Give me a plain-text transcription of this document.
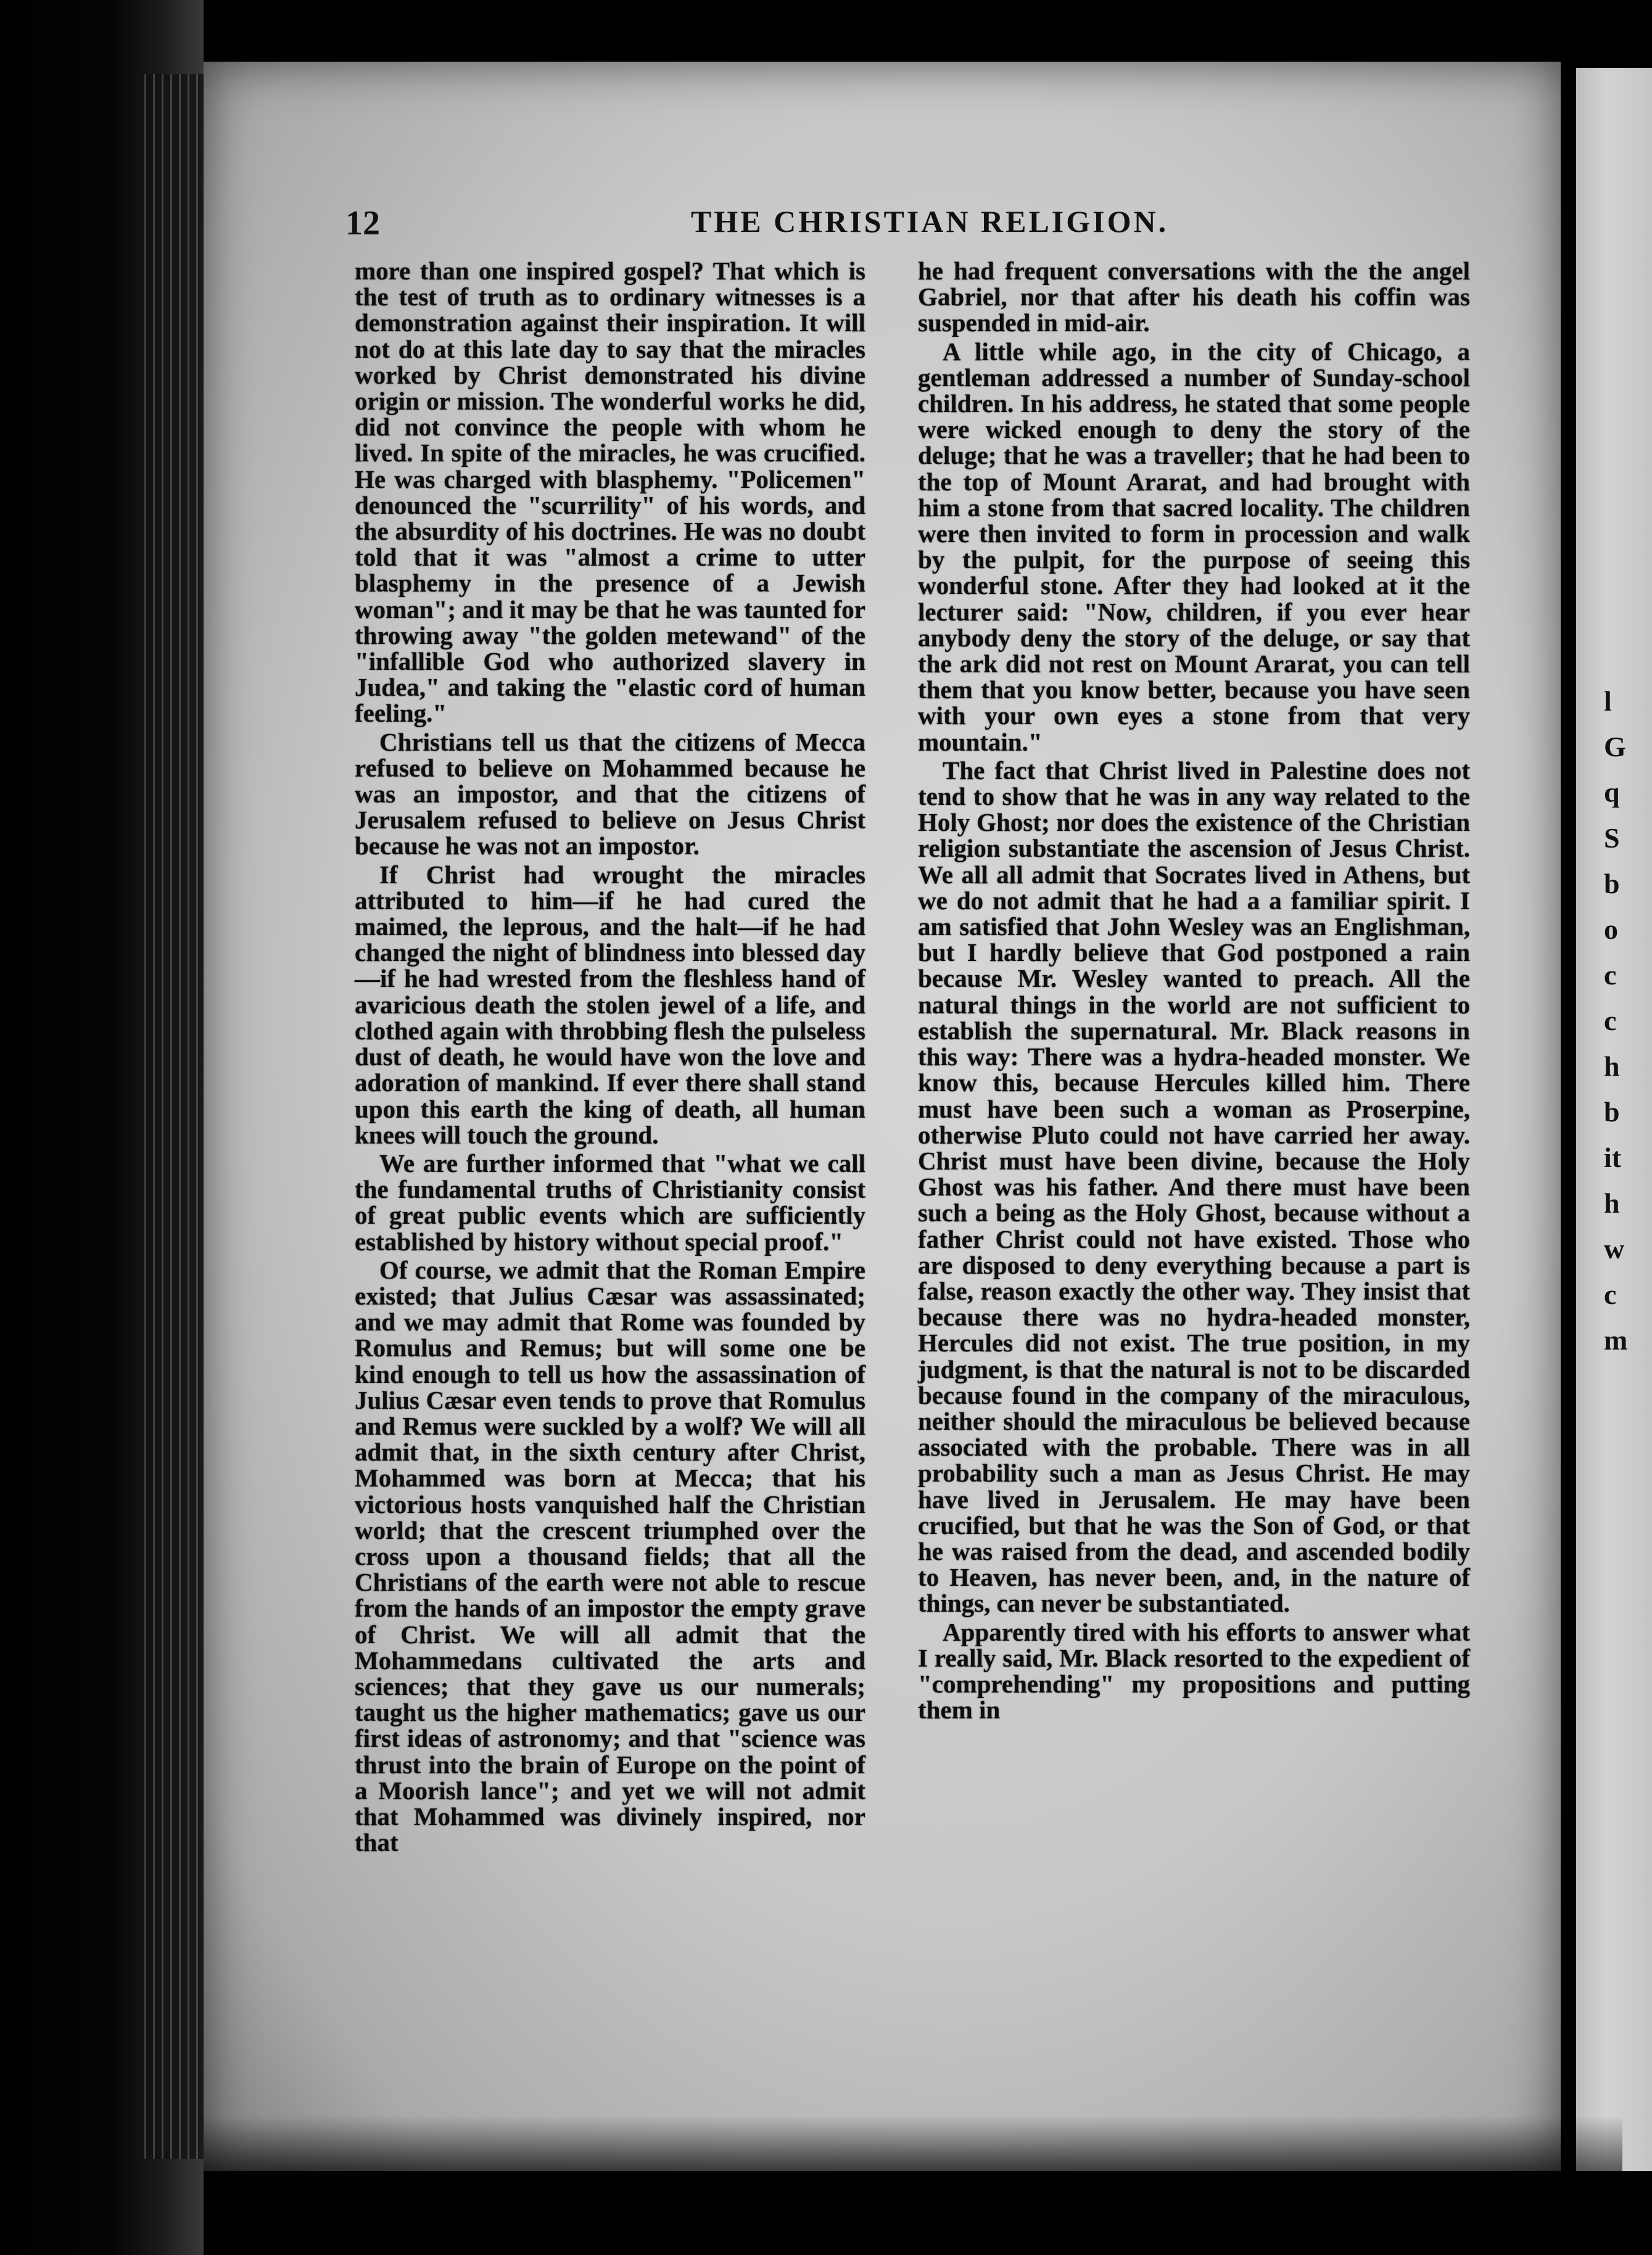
l
G
q
S
b
o
c
c
h
b
it
h
w
c
m
12	THE CHRISTIAN RELIGION.

more than one inspired gospel? That which is the test of truth as to ordinary witnesses is a demonstration against their inspiration. It will not do at this late day to say that the miracles worked by Christ demonstrated his divine origin or mission. The wonderful works he did, did not convince the people with whom he lived. In spite of the miracles, he was crucified. He was charged with blasphemy. "Policemen" denounced the "scurrility" of his words, and the absurdity of his doctrines. He was no doubt told that it was "almost a crime to utter blasphemy in the presence of a Jewish woman"; and it may be that he was taunted for throwing away "the golden metewand" of the "infallible God who authorized slavery in Judea," and taking the "elastic cord of human feeling."

Christians tell us that the citizens of Mecca refused to believe on Mohammed because he was an impostor, and that the citizens of Jerusalem refused to believe on Jesus Christ because he was not an impostor.

If Christ had wrought the miracles attributed to him—if he had cured the maimed, the leprous, and the halt—if he had changed the night of blindness into blessed day—if he had wrested from the fleshless hand of avaricious death the stolen jewel of a life, and clothed again with throbbing flesh the pulseless dust of death, he would have won the love and adoration of mankind. If ever there shall stand upon this earth the king of death, all human knees will touch the ground.

We are further informed that "what we call the fundamental truths of Christianity consist of great public events which are sufficiently established by history without special proof."

Of course, we admit that the Roman Empire existed; that Julius Cæsar was assassinated; and we may admit that Rome was founded by Romulus and Remus; but will some one be kind enough to tell us how the assassination of Julius Cæsar even tends to prove that Romulus and Remus were suckled by a wolf? We will all admit that, in the sixth century after Christ, Mohammed was born at Mecca; that his victorious hosts vanquished half the Christian world; that the crescent triumphed over the cross upon a thousand fields; that all the Christians of the earth were not able to rescue from the hands of an impostor the empty grave of Christ. We will all admit that the Mohammedans cultivated the arts and sciences; that they gave us our numerals; taught us the higher mathematics; gave us our first ideas of astronomy; and that "science was thrust into the brain of Europe on the point of a Moorish lance"; and yet we will not admit that Mohammed was divinely inspired, nor that

he had frequent conversations with the the angel Gabriel, nor that after his death his coffin was suspended in mid-air.

A little while ago, in the city of Chicago, a gentleman addressed a number of Sunday-school children. In his address, he stated that some people were wicked enough to deny the story of the deluge; that he was a traveller; that he had been to the top of Mount Ararat, and had brought with him a stone from that sacred locality. The children were then invited to form in procession and walk by the pulpit, for the purpose of seeing this wonderful stone. After they had looked at it the lecturer said: "Now, children, if you ever hear anybody deny the story of the deluge, or say that the ark did not rest on Mount Ararat, you can tell them that you know better, because you have seen with your own eyes a stone from that very mountain."

The fact that Christ lived in Palestine does not tend to show that he was in any way related to the Holy Ghost; nor does the existence of the Christian religion substantiate the ascension of Jesus Christ. We all all admit that Socrates lived in Athens, but we do not admit that he had a a familiar spirit. I am satisfied that John Wesley was an Englishman, but I hardly believe that God postponed a rain because Mr. Wesley wanted to preach. All the natural things in the world are not sufficient to establish the supernatural. Mr. Black reasons in this way: There was a hydra-headed monster. We know this, because Hercules killed him. There must have been such a woman as Proserpine, otherwise Pluto could not have carried her away. Christ must have been divine, because the Holy Ghost was his father. And there must have been such a being as the Holy Ghost, because without a father Christ could not have existed. Those who are disposed to deny everything because a part is false, reason exactly the other way. They insist that because there was no hydra-headed monster, Hercules did not exist. The true position, in my judgment, is that the natural is not to be discarded because found in the company of the miraculous, neither should the miraculous be believed because associated with the probable. There was in all probability such a man as Jesus Christ. He may have lived in Jerusalem. He may have been crucified, but that he was the Son of God, or that he was raised from the dead, and ascended bodily to Heaven, has never been, and, in the nature of things, can never be substantiated.

Apparently tired with his efforts to answer what I really said, Mr. Black resorted to the expedient of "comprehending" my propositions and putting them in
